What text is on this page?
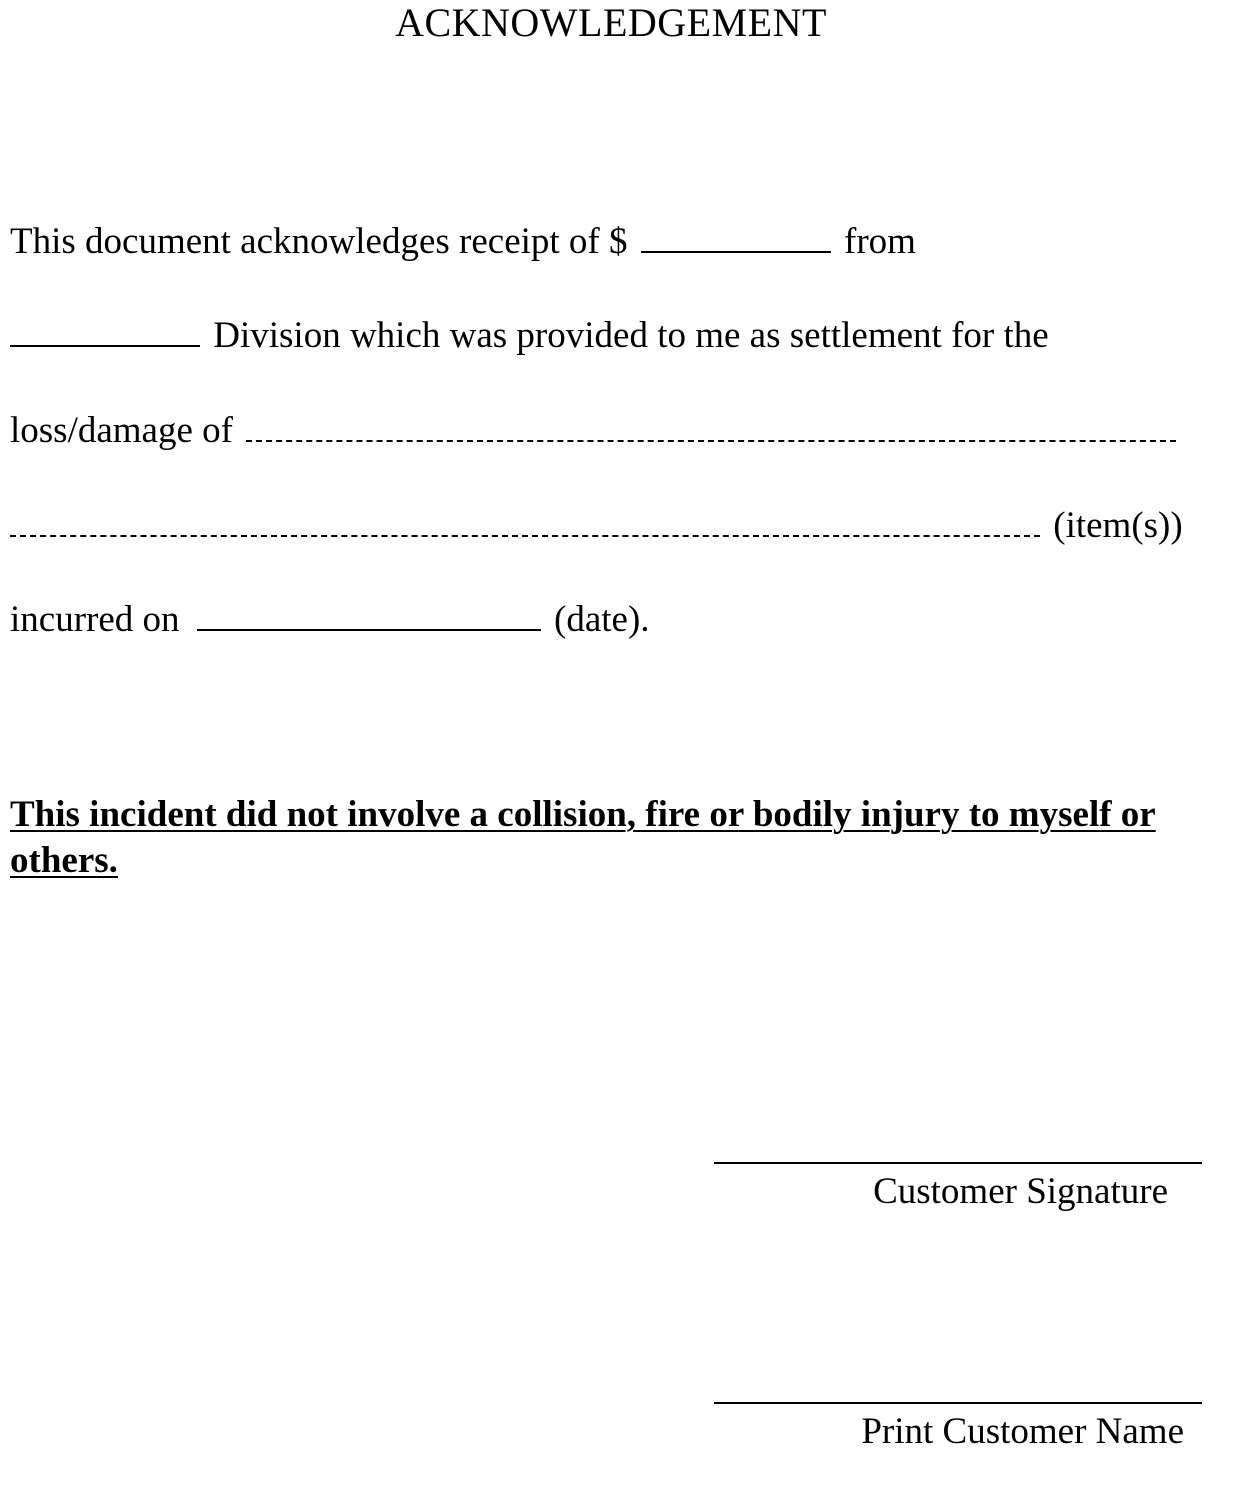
ACKNOWLEDGEMENT
This document acknowledges receipt of $	from
Division which was provided to me as settlement for the
loss/damage of
(item(s))
incurred on	(date).
This incident did not involve a collision, fire or bodily injury to myself or others.
Customer Signature
Print Customer Name
